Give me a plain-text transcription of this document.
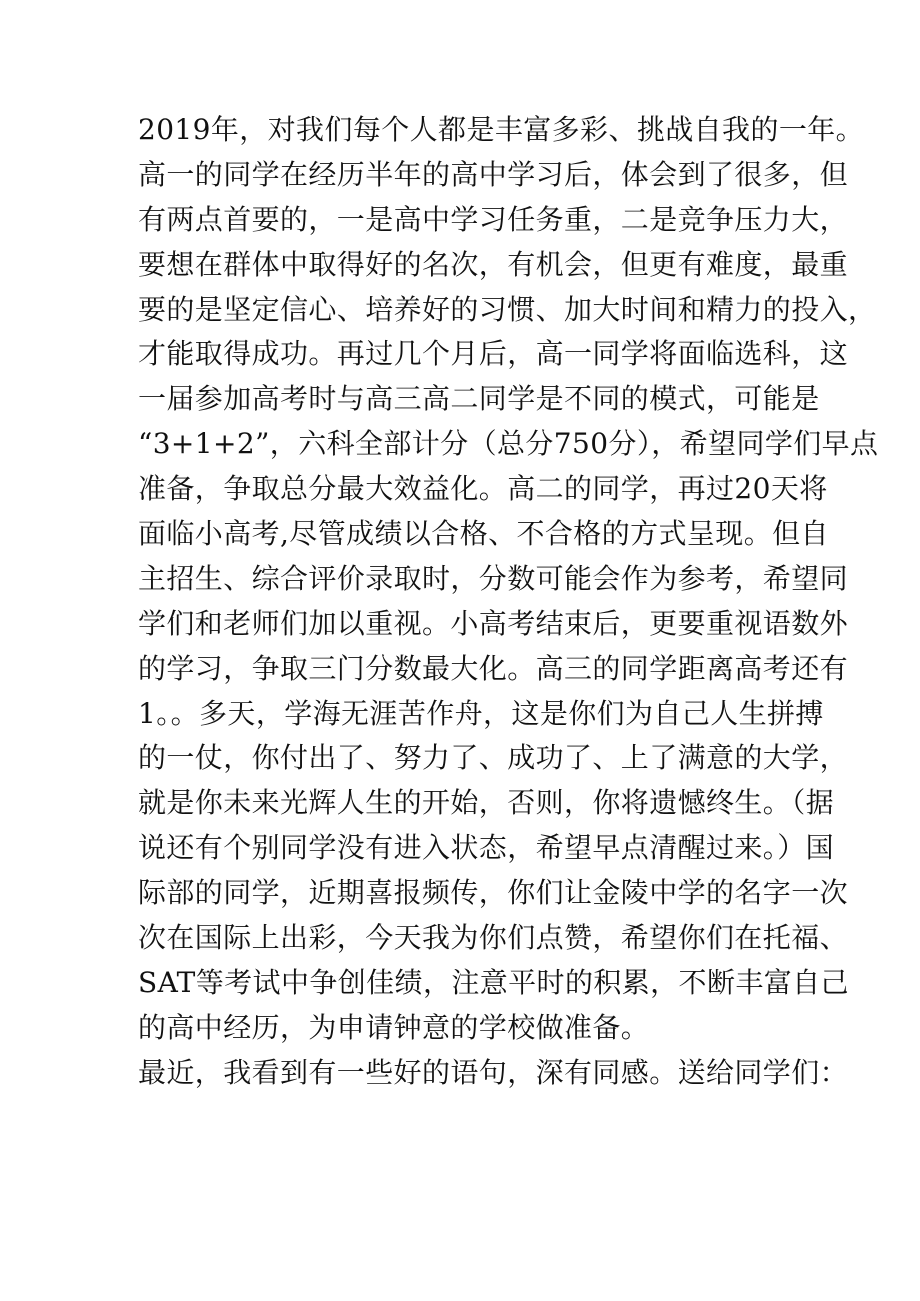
2019年，对我们每个人都是丰富多彩、挑战自我的一年。
高一的同学在经历半年的高中学习后，体会到了很多，但
有两点首要的，一是高中学习任务重，二是竞争压力大，
要想在群体中取得好的名次，有机会，但更有难度，最重
要的是坚定信心、培养好的习惯、加大时间和精力的投入，
才能取得成功。再过几个月后，高一同学将面临选科，这
一届参加高考时与高三高二同学是不同的模式，可能是
“3+1+2”，六科全部计分（总分750分），希望同学们早点
准备，争取总分最大效益化。高二的同学，再过20天将
面临小高考,尽管成绩以合格、不合格的方式呈现。但自
主招生、综合评价录取时，分数可能会作为参考，希望同
学们和老师们加以重视。小高考结束后，更要重视语数外
的学习，争取三门分数最大化。高三的同学距离高考还有
1。。多天，学海无涯苦作舟，这是你们为自己人生拼搏
的一仗，你付出了、努力了、成功了、上了满意的大学，
就是你未来光辉人生的开始，否则，你将遗憾终生。（据
说还有个别同学没有进入状态，希望早点清醒过来。）国
际部的同学，近期喜报频传，你们让金陵中学的名字一次
次在国际上出彩，今天我为你们点赞，希望你们在托福、
SAT等考试中争创佳绩，注意平时的积累，不断丰富自己
的高中经历，为申请钟意的学校做准备。
最近，我看到有一些好的语句，深有同感。送给同学们：
